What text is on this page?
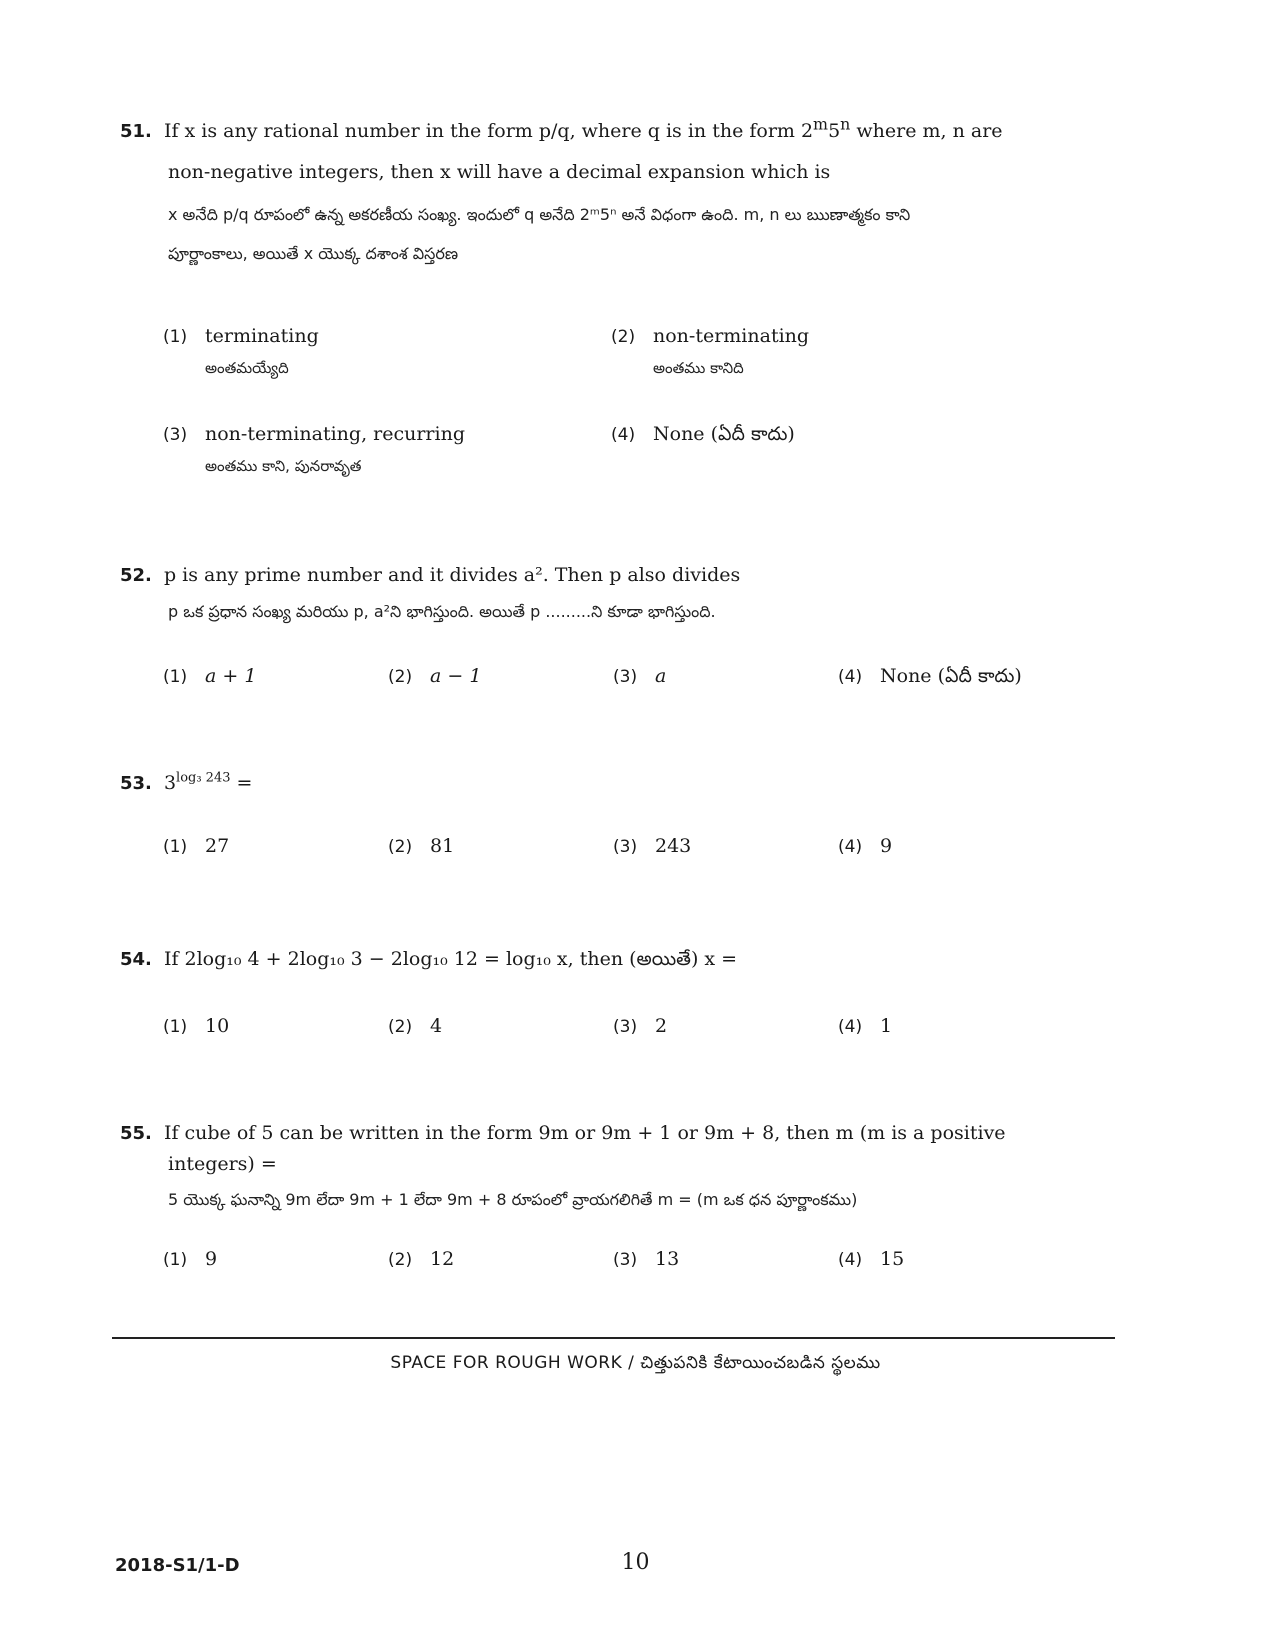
51. If x is any rational number in the form p/q, where q is in the form 2$^m$5$^n$ where m, n are
non-negative integers, then x will have a decimal expansion which is
x అనేది p/q రూపంలో ఉన్న అకరణీయ సంఖ్య. ఇందులో q అనేది 2ᵐ5ⁿ అనే విధంగా ఉంది. m, n లు ఋణాత్మకం కాని
పూర్ణాంకాలు, అయితే x యొక్క దశాంశ విస్తరణ
(1) terminating
అంతమయ్యేది
(2) non-terminating
అంతము కానిది
(3) non-terminating, recurring
అంతము కాని, పునరావృత
(4) None (ఏదీ కాదు)
52. p is any prime number and it divides a². Then p also divides
p ఒక ప్రధాన సంఖ్య మరియు p, a²ని భాగిస్తుంది. అయితే p .........ని కూడా భాగిస్తుంది.
(1) a + 1	(2) a − 1	(3) a	(4) None (ఏదీ కాదు)
53. $3^{log_3 243}$ =
(1) 27	(2) 81	(3) 243	(4) 9
54. If 2log₁₀ 4 + 2log₁₀ 3 − 2log₁₀ 12 = log₁₀ x, then (అయితే) x =
(1) 10	(2) 4	(3) 2	(4) 1
55. If cube of 5 can be written in the form 9m or 9m + 1 or 9m + 8, then m (m is a positive
integers) =
5 యొక్క ఘనాన్ని 9m లేదా 9m + 1 లేదా 9m + 8 రూపంలో వ్రాయగలిగితే m = (m ఒక ధన పూర్ణాంకము)
(1) 9	(2) 12	(3) 13	(4) 15
SPACE FOR ROUGH WORK / చిత్తుపనికి కేటాయించబడిన స్థలము
2018-S1/1-D	10
